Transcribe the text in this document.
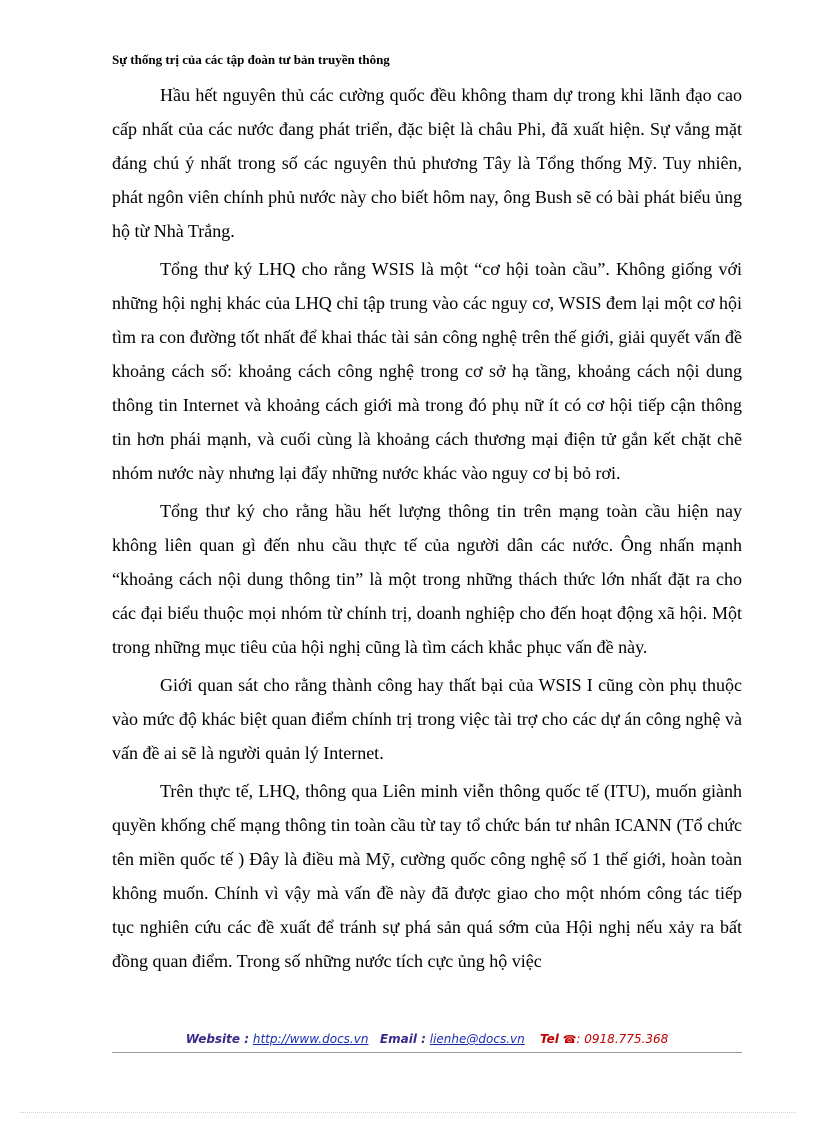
Sự thống trị của các tập đoàn tư bản truyền thông

Hầu hết nguyên thủ các cường quốc đều không tham dự trong khi lãnh đạo cao cấp nhất của các nước đang phát triển, đặc biệt là châu Phi, đã xuất hiện. Sự vắng mặt đáng chú ý nhất trong số các nguyên thủ phương Tây là Tổng thống Mỹ. Tuy nhiên, phát ngôn viên chính phủ nước này cho biết hôm nay, ông Bush sẽ có bài phát biểu ủng hộ từ Nhà Trắng.

Tổng thư ký LHQ cho rằng WSIS là một “cơ hội toàn cầu”. Không giống với những hội nghị khác của LHQ chỉ tập trung vào các nguy cơ, WSIS đem lại một cơ hội tìm ra con đường tốt nhất để khai thác tài sản công nghệ trên thế giới, giải quyết vấn đề khoảng cách số: khoảng cách công nghệ trong cơ sở hạ tầng, khoảng cách nội dung thông tin Internet và khoảng cách giới mà trong đó phụ nữ ít có cơ hội tiếp cận thông tin hơn phái mạnh, và cuối cùng là khoảng cách thương mại điện tử gắn kết chặt chẽ nhóm nước này nhưng lại đẩy những nước khác vào nguy cơ bị bỏ rơi.

Tổng thư ký cho rằng hầu hết lượng thông tin trên mạng toàn cầu hiện nay không liên quan gì đến nhu cầu thực tế của người dân các nước. Ông nhấn mạnh “khoảng cách nội dung thông tin” là một trong những thách thức lớn nhất đặt ra cho các đại biểu thuộc mọi nhóm từ chính trị, doanh nghiệp cho đến hoạt động xã hội. Một trong những mục tiêu của hội nghị cũng là tìm cách khắc phục vấn đề này.

Giới quan sát cho rằng thành công hay thất bại của WSIS I cũng còn phụ thuộc vào mức độ khác biệt quan điểm chính trị trong việc tài trợ cho các dự án công nghệ và vấn đề ai sẽ là người quản lý Internet.

Trên thực tế, LHQ, thông qua Liên minh viễn thông quốc tế (ITU), muốn giành quyền khống chế mạng thông tin toàn cầu từ tay tổ chức bán tư nhân ICANN (Tổ chức tên miền quốc tế ) Đây là điều mà Mỹ, cường quốc công nghệ số 1 thế giới, hoàn toàn không muốn. Chính vì vậy mà vấn đề này đã được giao cho một nhóm công tác tiếp tục nghiên cứu các đề xuất để tránh sự phá sản quá sớm của Hội nghị nếu xảy ra bất đồng quan điểm. Trong số những nước tích cực ủng hộ việc

Website : http://www.docs.vn Email : lienhe@docs.vn Tel ☎: 0918.775.368
